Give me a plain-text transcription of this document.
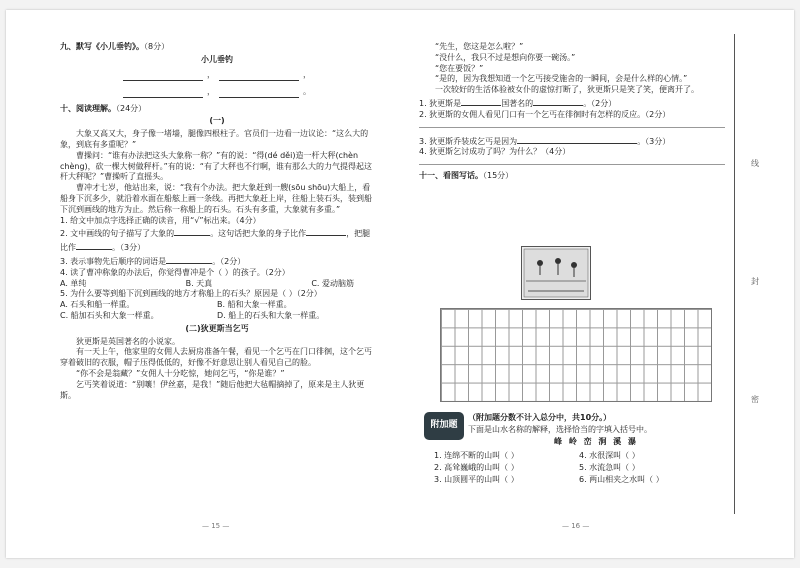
九、默写《小儿垂钓》。（8分）

小儿垂钓

，	，
，	。

十、阅读理解。（24分）

(一)

大象又高又大，身子像一堵墙，腿像四根柱子。官员们一边看一边议论：“这么大的象，到底有多重呢？”

曹操问：“谁有办法把这头大象称一称？”有的说：“得(dé děi)造一杆大秤(chèn chèng)，砍一棵大树做秤杆。”有的说：“有了大秤也不行啊，谁有那么大的力气提得起这杆大秤呢？”曹操听了直摇头。

曹冲才七岁，他站出来，说：“我有个办法。把大象赶到一艘(sōu shōu)大船上，看船身下沉多少，就沿着水面在船舷上画一条线。再把大象赶上岸，往船上装石头，装到船下沉到画线的地方为止。然后称一称船上的石头。石头有多重，大象就有多重。”

1. 给文中加点字选择正确的读音，用“√”标出来。（4分）

2. 文中画线的句子描写了大象的	。这句话把大象的身子比作	，把腿比作	。（3分）

3. 表示事物先后顺序的词语是	。（2分）

4. 读了曹冲称象的办法后，你觉得曹冲是个（ ）的孩子。（2分）

A. 单纯	B. 天真	C. 爱动脑筋

5. 为什么要等到船下沉到画线的地方才称船上的石头？原因是（ ）（2分）

A. 石头和船一样重。	B. 船和大象一样重。
C. 船加石头和大象一样重。	D. 船上的石头和大象一样重。

(二)狄更斯当乞丐

狄更斯是英国著名的小说家。

有一天上午，他家里的女佣人去厨房准备午餐，看见一个乞丐在门口徘徊，这个乞丐穿着破旧的衣服，帽子压得低低的，好像不好意思让别人看见自己的脸。

“你不会是翁藏？”女佣人十分吃惊，她问乞丐，“你是谁？”

乞丐笑着说道：“别嚷！伊丝嘉，是我！”随后他把大毡帽摘掉了，原来是主人狄更斯。

— 15 —

“先生，您这是怎么啦？”

“没什么，我只不过是想向你要一碗汤。”

“您在要饭？”

“是的，因为我想知道一个乞丐接受施舍的一瞬间，会是什么样的心情。”

一次较好的生活体验被女仆的虚惊打断了，狄更斯只是笑了笑，便离开了。

1. 狄更斯是	国著名的	。（2分）

2. 狄更斯的女佣人看见门口有一个乞丐在徘徊时有怎样的反应。（2分）

3. 狄更斯乔装成乞丐是因为	。（3分）

4. 狄更斯乞讨成功了吗？为什么？（4分）

十一、看图写话。（15分）

附加题

（附加题分数不计入总分中，共10分。）

下面是山水名称的解释，选择恰当的字填入括号中。

峰 岭 峦 涧 溪 瀑

1. 连绵不断的山叫（ ）	4. 水很深叫（ ）
2. 高耸巍峨的山叫（ ）	5. 水流急叫（ ）
3. 山顶圆平的山叫（ ）	6. 两山相夹之水叫（ ）
— 16 —
线
封
密
